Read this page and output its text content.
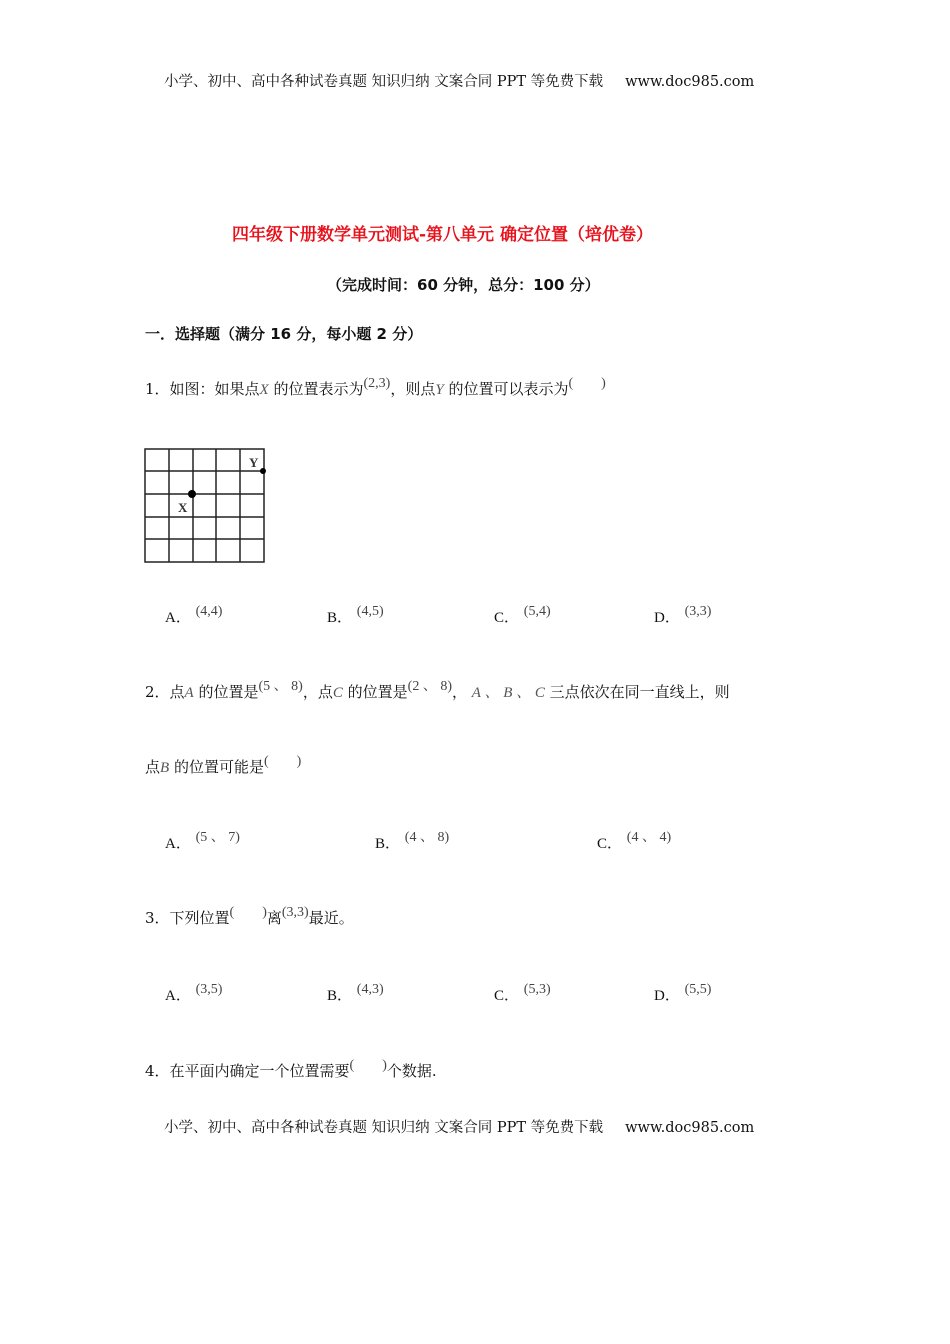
小学、初中、高中各种试卷真题 知识归纳 文案合同 PPT 等免费下载 www.doc985.com
四年级下册数学单元测试-第八单元 确定位置（培优卷）
（完成时间：60 分钟，总分：100 分）
一．选择题（满分 16 分，每小题 2 分）
1．如图：如果点X 的位置表示为(2,3)，则点Y 的位置可以表示为(        )
X
Y
A． (4,4)	B． (4,5)	C． (5,4)	D． (3,3)
2．点A 的位置是(5 、 8)，点C 的位置是(2 、 8)， A 、 B 、 C 三点依次在同一直线上，则
点B 的位置可能是(        )
A． (5 、 7)	B． (4 、 8)	C． (4 、 4)
3．下列位置(        )离(3,3)最近。
A． (3,5)	B． (4,3)	C． (5,3)	D． (5,5)
4．在平面内确定一个位置需要(        )个数据.
小学、初中、高中各种试卷真题 知识归纳 文案合同 PPT 等免费下载 www.doc985.com
